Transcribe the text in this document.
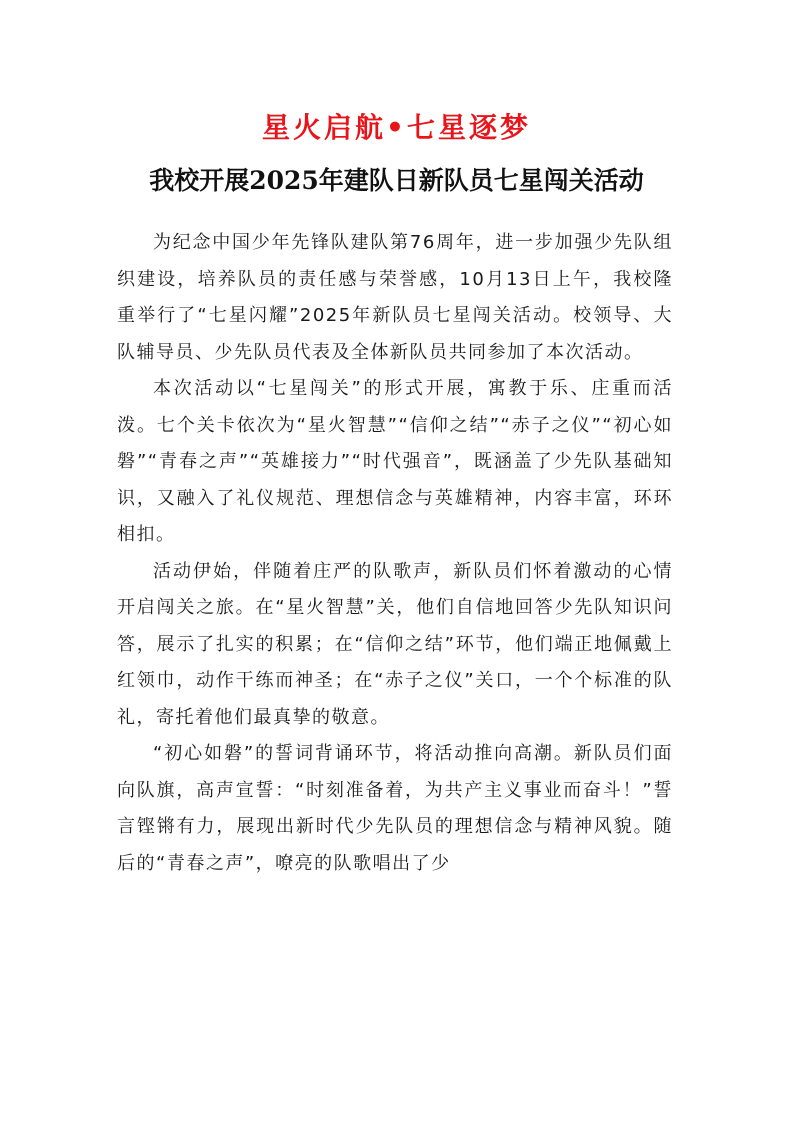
星火启航•七星逐梦
我校开展2025年建队日新队员七星闯关活动

为纪念中国少年先锋队建队第76周年，进一步加强少先队组织建设，培养队员的责任感与荣誉感，10月13日上午，我校隆重举行了“七星闪耀”2025年新队员七星闯关活动。校领导、大队辅导员、少先队员代表及全体新队员共同参加了本次活动。

本次活动以“七星闯关”的形式开展，寓教于乐、庄重而活泼。七个关卡依次为“星火智慧”“信仰之结”“赤子之仪”“初心如磐”“青春之声”“英雄接力”“时代强音”，既涵盖了少先队基础知识，又融入了礼仪规范、理想信念与英雄精神，内容丰富，环环相扣。

活动伊始，伴随着庄严的队歌声，新队员们怀着激动的心情开启闯关之旅。在“星火智慧”关，他们自信地回答少先队知识问答，展示了扎实的积累；在“信仰之结”环节，他们端正地佩戴上红领巾，动作干练而神圣；在“赤子之仪”关口，一个个标准的队礼，寄托着他们最真挚的敬意。

“初心如磐”的誓词背诵环节，将活动推向高潮。新队员们面向队旗，高声宣誓：“时刻准备着，为共产主义事业而奋斗！”誓言铿锵有力，展现出新时代少先队员的理想信念与精神风貌。随后的“青春之声”，嘹亮的队歌唱出了少
